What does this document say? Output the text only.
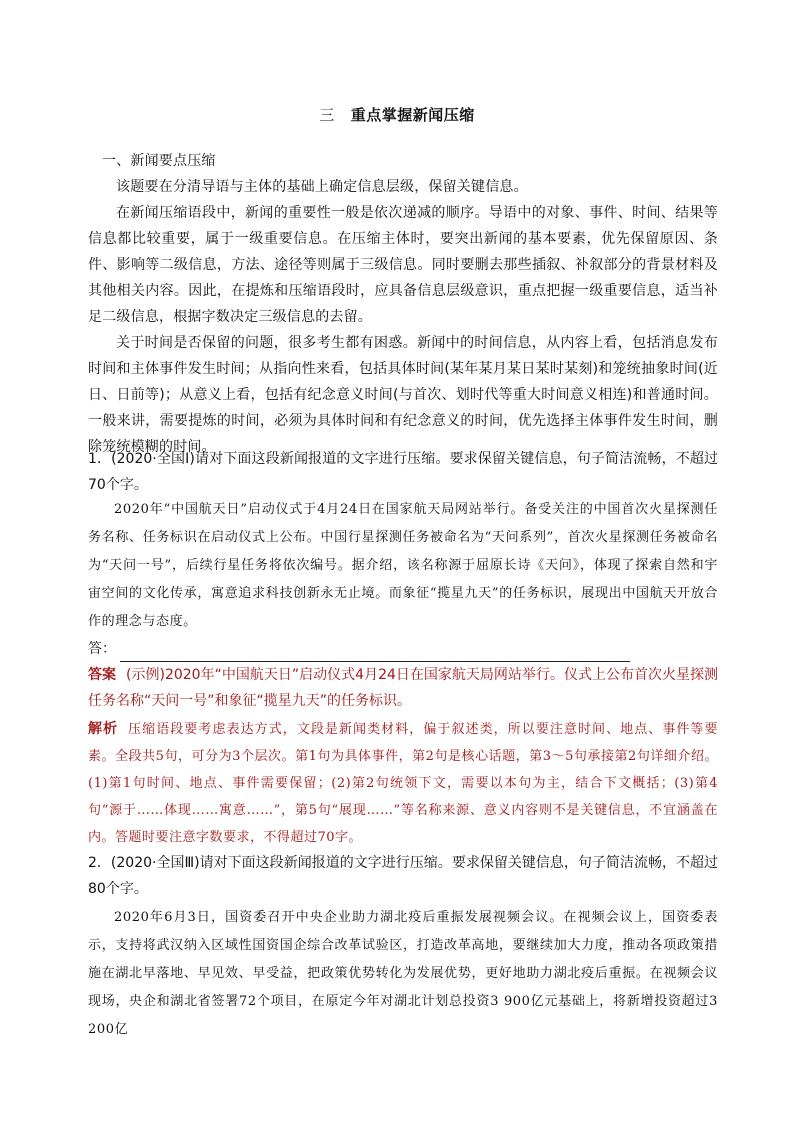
三 重点掌握新闻压缩

一、新闻要点压缩

该题要在分清导语与主体的基础上确定信息层级，保留关键信息。

在新闻压缩语段中，新闻的重要性一般是依次递减的顺序。导语中的对象、事件、时间、结果等信息都比较重要，属于一级重要信息。在压缩主体时，要突出新闻的基本要素，优先保留原因、条件、影响等二级信息，方法、途径等则属于三级信息。同时要删去那些插叙、补叙部分的背景材料及其他相关内容。因此，在提炼和压缩语段时，应具备信息层级意识，重点把握一级重要信息，适当补足二级信息，根据字数决定三级信息的去留。

关于时间是否保留的问题，很多考生都有困惑。新闻中的时间信息，从内容上看，包括消息发布时间和主体事件发生时间；从指向性来看，包括具体时间(某年某月某日某时某刻)和笼统抽象时间(近日、日前等)；从意义上看，包括有纪念意义时间(与首次、划时代等重大时间意义相连)和普通时间。一般来讲，需要提炼的时间，必须为具体时间和有纪念意义的时间，优先选择主体事件发生时间，删除笼统模糊的时间。

1．(2020·全国Ⅰ)请对下面这段新闻报道的文字进行压缩。要求保留关键信息，句子简洁流畅，不超过70个字。

2020年“中国航天日”启动仪式于4月24日在国家航天局网站举行。备受关注的中国首次火星探测任务名称、任务标识在启动仪式上公布。中国行星探测任务被命名为“天问系列”，首次火星探测任务被命名为“天问一号”，后续行星任务将依次编号。据介绍，该名称源于屈原长诗《天问》，体现了探索自然和宇宙空间的文化传承，寓意追求科技创新永无止境。而象征“揽星九天”的任务标识，展现出中国航天开放合作的理念与态度。

答：

答案 (示例)2020年“中国航天日”启动仪式4月24日在国家航天局网站举行。仪式上公布首次火星探测任务名称“天问一号”和象征“揽星九天”的任务标识。

解析 压缩语段要考虑表达方式，文段是新闻类材料，偏于叙述类，所以要注意时间、地点、事件等要素。全段共5句，可分为3个层次。第1句为具体事件，第2句是核心话题，第3～5句承接第2句详细介绍。(1)第1句时间、地点、事件需要保留；(2)第2句统领下文，需要以本句为主，结合下文概括；(3)第4句“源于……体现……寓意……”，第5句“展现……”等名称来源、意义内容则不是关键信息，不宜涵盖在内。答题时要注意字数要求，不得超过70字。

2．(2020·全国Ⅲ)请对下面这段新闻报道的文字进行压缩。要求保留关键信息，句子简洁流畅，不超过80个字。

2020年6月3日，国资委召开中央企业助力湖北疫后重振发展视频会议。在视频会议上，国资委表示，支持将武汉纳入区域性国资国企综合改革试验区，打造改革高地，要继续加大力度，推动各项政策措施在湖北早落地、早见效、早受益，把政策优势转化为发展优势，更好地助力湖北疫后重振。在视频会议现场，央企和湖北省签署72个项目，在原定今年对湖北计划总投资3 900亿元基础上，将新增投资超过3 200亿
